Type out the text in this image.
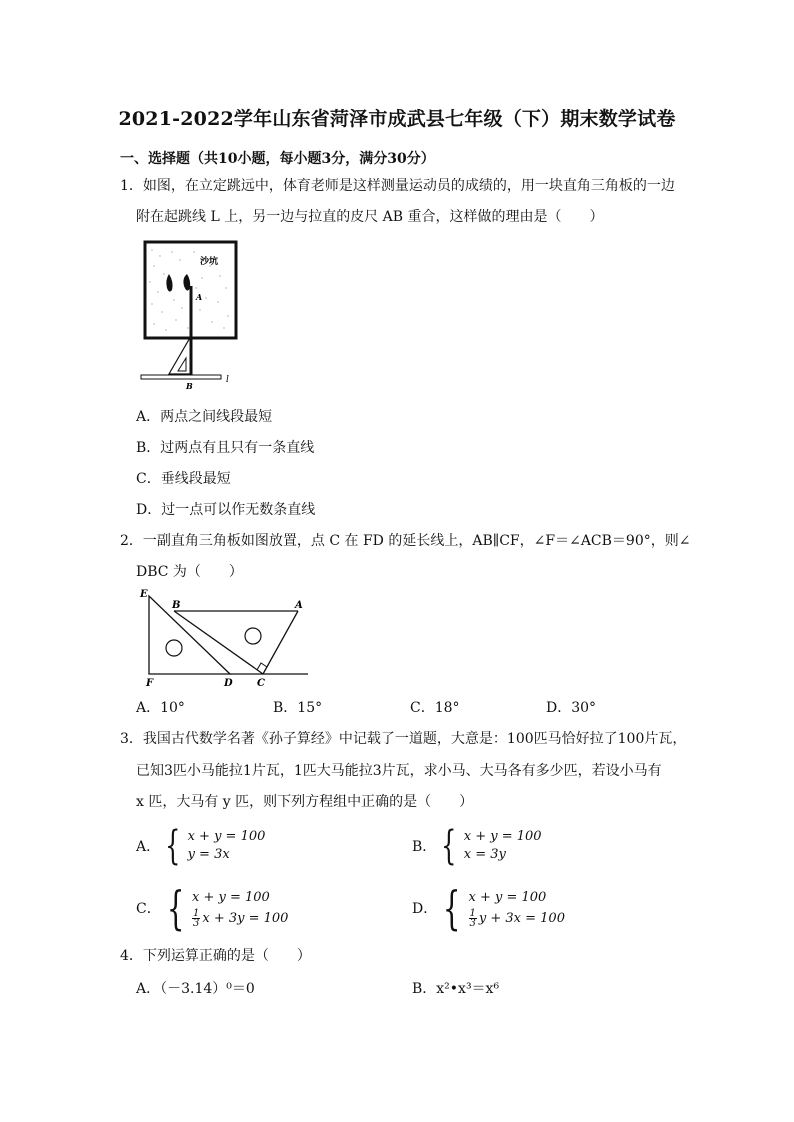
2021-2022学年山东省菏泽市成武县七年级（下）期末数学试卷
一、选择题（共10小题，每小题3分，满分30分）
1．如图，在立定跳远中，体育老师是这样测量运动员的成绩的，用一块直角三角板的一边
附在起跳线 L 上，另一边与拉直的皮尺 AB 重合，这样做的理由是（　　）
沙坑
A
l
B
A．两点之间线段最短
B．过两点有且只有一条直线
C．垂线段最短
D．过一点可以作无数条直线
2．一副直角三角板如图放置，点 C 在 FD 的延长线上，AB∥CF，∠F＝∠ACB＝90°，则∠
DBC 为（　　）
E
B	A
F	D C
A．10°	B．15°	C．18°	D．30°
3．我国古代数学名著《孙子算经》中记载了一道题，大意是：100匹马恰好拉了100片瓦，
已知3匹小马能拉1片瓦，1匹大马能拉3片瓦，求小马、大马各有多少匹，若设小马有
x 匹，大马有 y 匹，则下列方程组中正确的是（　　）
A． { x + y = 100
y = 3x	B． { x + y = 100
x = 3y
C． { x + y = 100
$\frac{1}{3}$ x + 3y = 100
D． { x + y = 100
$\frac{1}{3}$ y + 3x = 100
4．下列运算正确的是（　　）
A．（－3.14）⁰＝0	B．x²•x³＝x⁶
